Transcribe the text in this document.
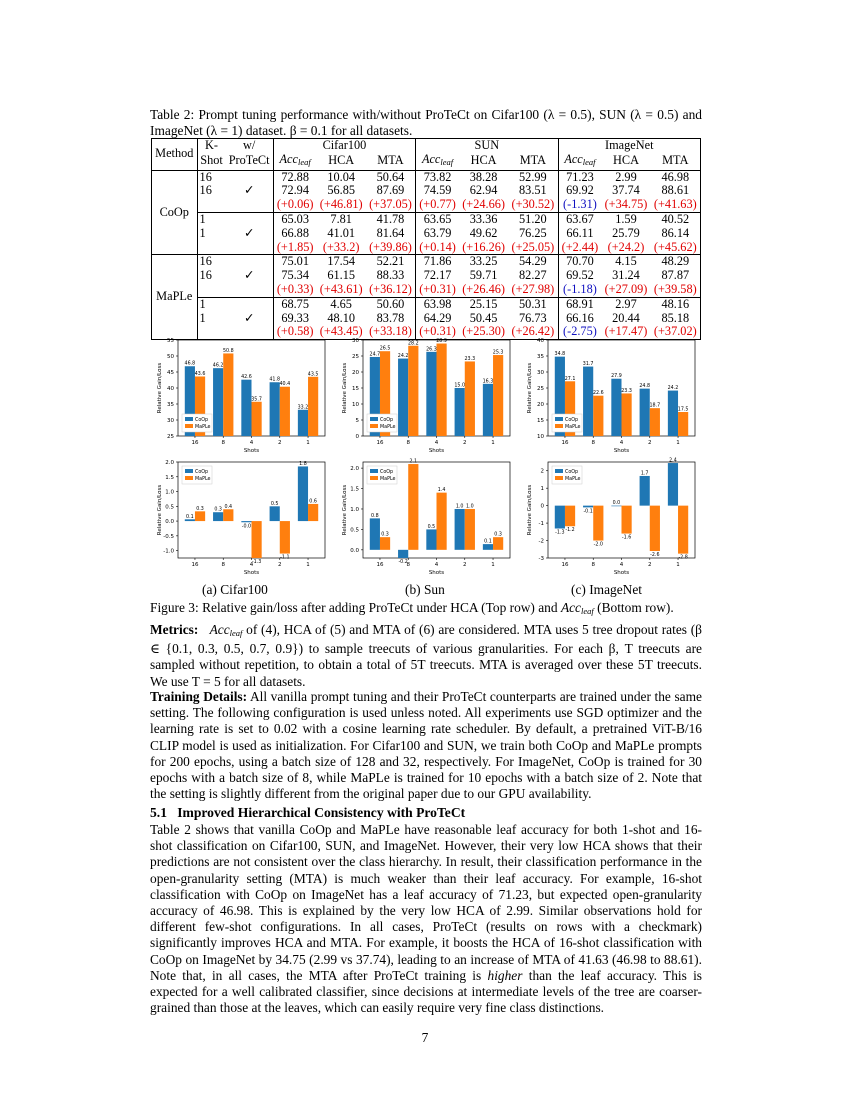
Table 2: Prompt tuning performance with/without ProTeCt on Cifar100 (λ = 0.5), SUN (λ = 0.5) and ImageNet (λ = 1) dataset. β = 0.1 for all datasets.
Method	K-	w/	Cifar100			SUN			ImageNet		
	Shot	ProTeCt	Acc$_{leaf}$	HCA	MTA	Acc$_{leaf}$	HCA	MTA	Acc$_{leaf}$	HCA	MTA
CoOp	16		72.88	10.04	50.64	73.82	38.28	52.99	71.23	2.99	46.98
	16	✓	72.94	56.85	87.69	74.59	62.94	83.51	69.92	37.74	88.61
			(+0.06)	(+46.81)	(+37.05)	(+0.77)	(+24.66)	(+30.52)	(-1.31)	(+34.75)	(+41.63)
	1		65.03	7.81	41.78	63.65	33.36	51.20	63.67	1.59	40.52
	1	✓	66.88	41.01	81.64	63.79	49.62	76.25	66.11	25.79	86.14
			(+1.85)	(+33.2)	(+39.86)	(+0.14)	(+16.26)	(+25.05)	(+2.44)	(+24.2)	(+45.62)
MaPLe	16		75.01	17.54	52.21	71.86	33.25	54.29	70.70	4.15	48.29
	16	✓	75.34	61.15	88.33	72.17	59.71	82.27	69.52	31.24	87.87
			(+0.33)	(+43.61)	(+36.12)	(+0.31)	(+26.46)	(+27.98)	(-1.18)	(+27.09)	(+39.58)
	1		68.75	4.65	50.60	63.98	25.15	50.31	68.91	2.97	48.16
	1	✓	69.33	48.10	83.78	64.29	50.45	76.73	66.16	20.44	85.18
			(+0.58)	(+43.45)	(+33.18)	(+0.31)	(+25.30)	(+26.42)	(-2.75)	(+17.47)	(+37.02)
25
30
35
40
45
50
55
46.8
43.6
16
46.2
50.8
8
42.6
35.7
4
41.8
40.4
2
33.2
43.5
1
Shots
Relative Gain/Loss
CoOp
MaPLe
0
5
10
15
20
25
30
24.7
26.5
16
24.2
28.2
8
26.3
28.9
4
15.0
23.3
2
16.3
25.3
1
Shots
Relative Gain/Loss
CoOp
MaPLe
10
15
20
25
30
35
40
34.8
27.1
16
31.7
22.6
8
27.9
23.3
4
24.8
18.7
2
24.2
17.5
1
Shots
Relative Gain/Loss
CoOp
MaPLe
-1.0
-0.5
0.0
0.5
1.0
1.5
2.0
0.1
0.3
16
0.3
0.4
8
-0.0
-1.3
4
0.5
-1.1
2
1.8
0.6
1
Shots
Relative Gain/Loss
CoOp
MaPLe
0.0
0.5
1.0
1.5
2.0
0.8
0.3
16	-0.2
2.1
8
0.5
1.4
4
1.0 1.0
2
0.1
0.3
1
Shots
Relative Gain/Loss
CoOp
MaPLe
-3
-2
-1
0
1
2
-1.3 -1.2
16
-0.1
-2.0
8
0.0
-1.6
4
1.7
-2.6
2
2.4
-2.8
1
Shots
Relative Gain/Loss
CoOp
MaPLe
(a) Cifar100	(b) Sun	(c) ImageNet
Figure 3: Relative gain/loss after adding ProTeCt under HCA (Top row) and Acc$_{leaf}$ (Bottom row).
Metrics: Acc$_{leaf}$ of (4), HCA of (5) and MTA of (6) are considered. MTA uses 5 tree dropout rates (β ∈ {0.1, 0.3, 0.5, 0.7, 0.9}) to sample treecuts of various granularities. For each β, T treecuts are sampled without repetition, to obtain a total of 5T treecuts. MTA is averaged over these 5T treecuts. We use T = 5 for all datasets.
Training Details: All vanilla prompt tuning and their ProTeCt counterparts are trained under the same setting. The following configuration is used unless noted. All experiments use SGD optimizer and the learning rate is set to 0.02 with a cosine learning rate scheduler. By default, a pretrained ViT-B/16 CLIP model is used as initialization. For Cifar100 and SUN, we train both CoOp and MaPLe prompts for 200 epochs, using a batch size of 128 and 32, respectively. For ImageNet, CoOp is trained for 30 epochs with a batch size of 8, while MaPLe is trained for 10 epochs with a batch size of 2. Note that the setting is slightly different from the original paper due to our GPU availability.
5.1 Improved Hierarchical Consistency with ProTeCt
Table 2 shows that vanilla CoOp and MaPLe have reasonable leaf accuracy for both 1-shot and 16-shot classification on Cifar100, SUN, and ImageNet. However, their very low HCA shows that their predictions are not consistent over the class hierarchy. In result, their classification performance in the open-granularity setting (MTA) is much weaker than their leaf accuracy. For example, 16-shot classification with CoOp on ImageNet has a leaf accuracy of 71.23, but expected open-granularity accuracy of 46.98. This is explained by the very low HCA of 2.99. Similar observations hold for different few-shot configurations. In all cases, ProTeCt (results on rows with a checkmark) significantly improves HCA and MTA. For example, it boosts the HCA of 16-shot classification with CoOp on ImageNet by 34.75 (2.99 vs 37.74), leading to an increase of MTA of 41.63 (46.98 to 88.61). Note that, in all cases, the MTA after ProTeCt training is higher than the leaf accuracy. This is expected for a well calibrated classifier, since decisions at intermediate levels of the tree are coarser-grained than those at the leaves, which can easily require very fine class distinctions.
7
